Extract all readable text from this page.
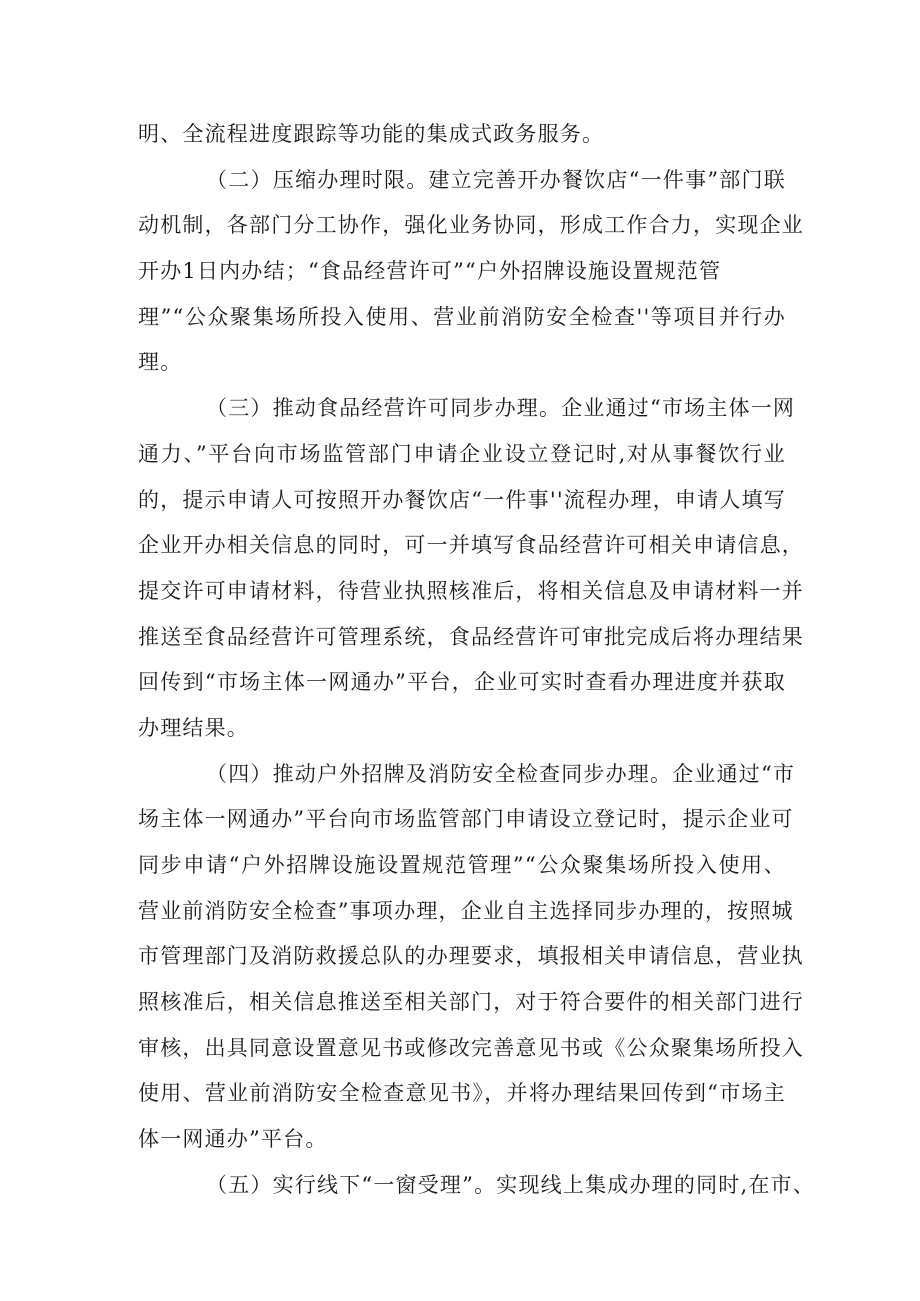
明、全流程进度跟踪等功能的集成式政务服务。
（二）压缩办理时限。建立完善开办餐饮店“一件事”部门联
动机制，各部门分工协作，强化业务协同，形成工作合力，实现企业
开办1日内办结；“食品经营许可”“户外招牌设施设置规范管
理”“公众聚集场所投入使用、营业前消防安全检查''等项目并行办
理。
（三）推动食品经营许可同步办理。企业通过“市场主体一网
通力、”平台向市场监管部门申请企业设立登记时,对从事餐饮行业
的，提示申请人可按照开办餐饮店“一件事''流程办理，申请人填写
企业开办相关信息的同时，可一并填写食品经营许可相关申请信息，
提交许可申请材料，待营业执照核准后，将相关信息及申请材料一并
推送至食品经营许可管理系统，食品经营许可审批完成后将办理结果
回传到“市场主体一网通办”平台，企业可实时查看办理进度并获取
办理结果。
（四）推动户外招牌及消防安全检查同步办理。企业通过“市
场主体一网通办”平台向市场监管部门申请设立登记时，提示企业可
同步申请“户外招牌设施设置规范管理”“公众聚集场所投入使用、
营业前消防安全检查”事项办理，企业自主选择同步办理的，按照城
市管理部门及消防救援总队的办理要求，填报相关申请信息，营业执
照核准后，相关信息推送至相关部门，对于符合要件的相关部门进行
审核，出具同意设置意见书或修改完善意见书或《公众聚集场所投入
使用、营业前消防安全检查意见书》，并将办理结果回传到“市场主
体一网通办”平台。
（五）实行线下“一窗受理”。实现线上集成办理的同时,在市、
